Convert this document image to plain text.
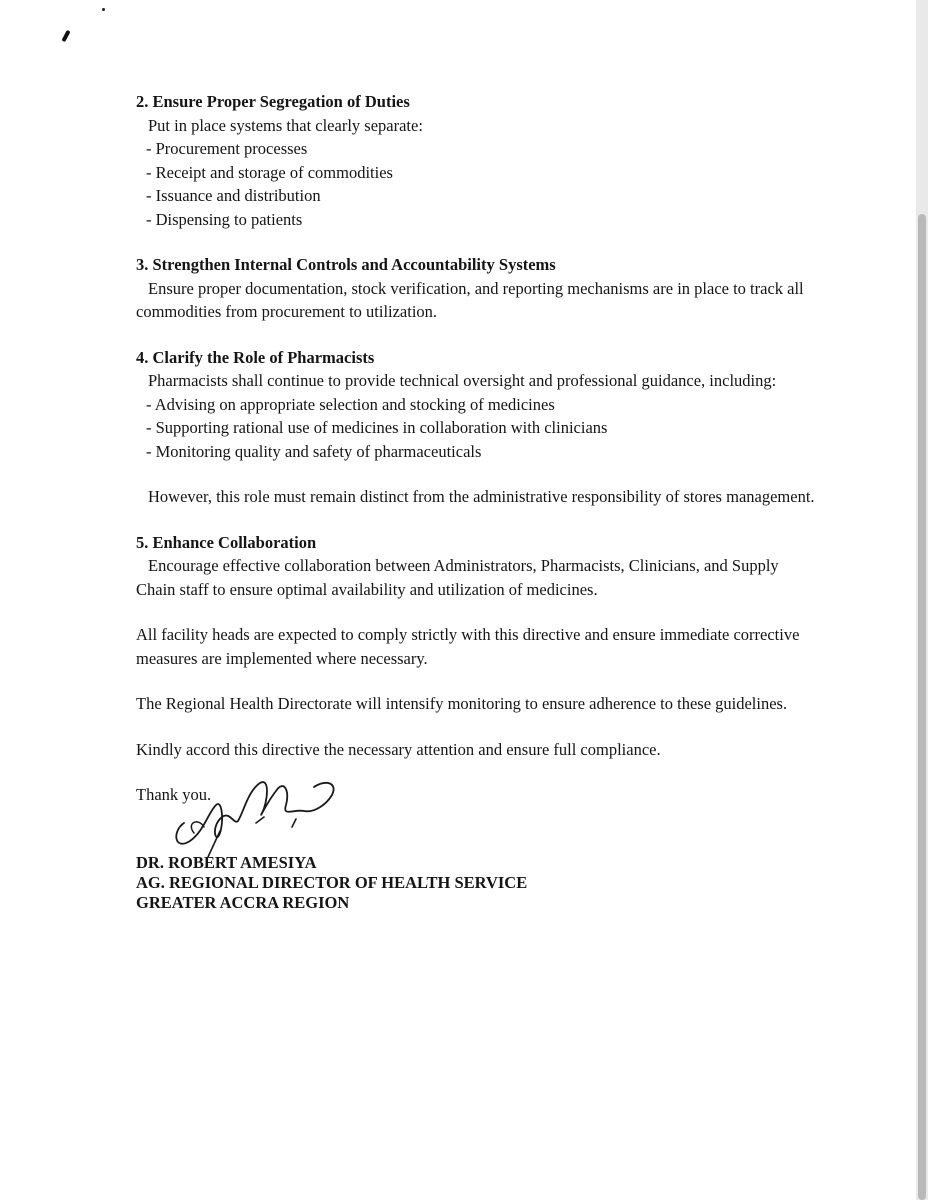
2. Ensure Proper Segregation of Duties

Put in place systems that clearly separate:

- Procurement processes

- Receipt and storage of commodities

- Issuance and distribution

- Dispensing to patients

3. Strengthen Internal Controls and Accountability Systems

Ensure proper documentation, stock verification, and reporting mechanisms are in place to track all commodities from procurement to utilization.

4. Clarify the Role of Pharmacists

Pharmacists shall continue to provide technical oversight and professional guidance, including:

- Advising on appropriate selection and stocking of medicines

- Supporting rational use of medicines in collaboration with clinicians

- Monitoring quality and safety of pharmaceuticals

However, this role must remain distinct from the administrative responsibility of stores management.

5. Enhance Collaboration

Encourage effective collaboration between Administrators, Pharmacists, Clinicians, and Supply Chain staff to ensure optimal availability and utilization of medicines.

All facility heads are expected to comply strictly with this directive and ensure immediate corrective measures are implemented where necessary.

The Regional Health Directorate will intensify monitoring to ensure adherence to these guidelines.

Kindly accord this directive the necessary attention and ensure full compliance.

Thank you.

DR. ROBERT AMESIYA
AG. REGIONAL DIRECTOR OF HEALTH SERVICE
GREATER ACCRA REGION
